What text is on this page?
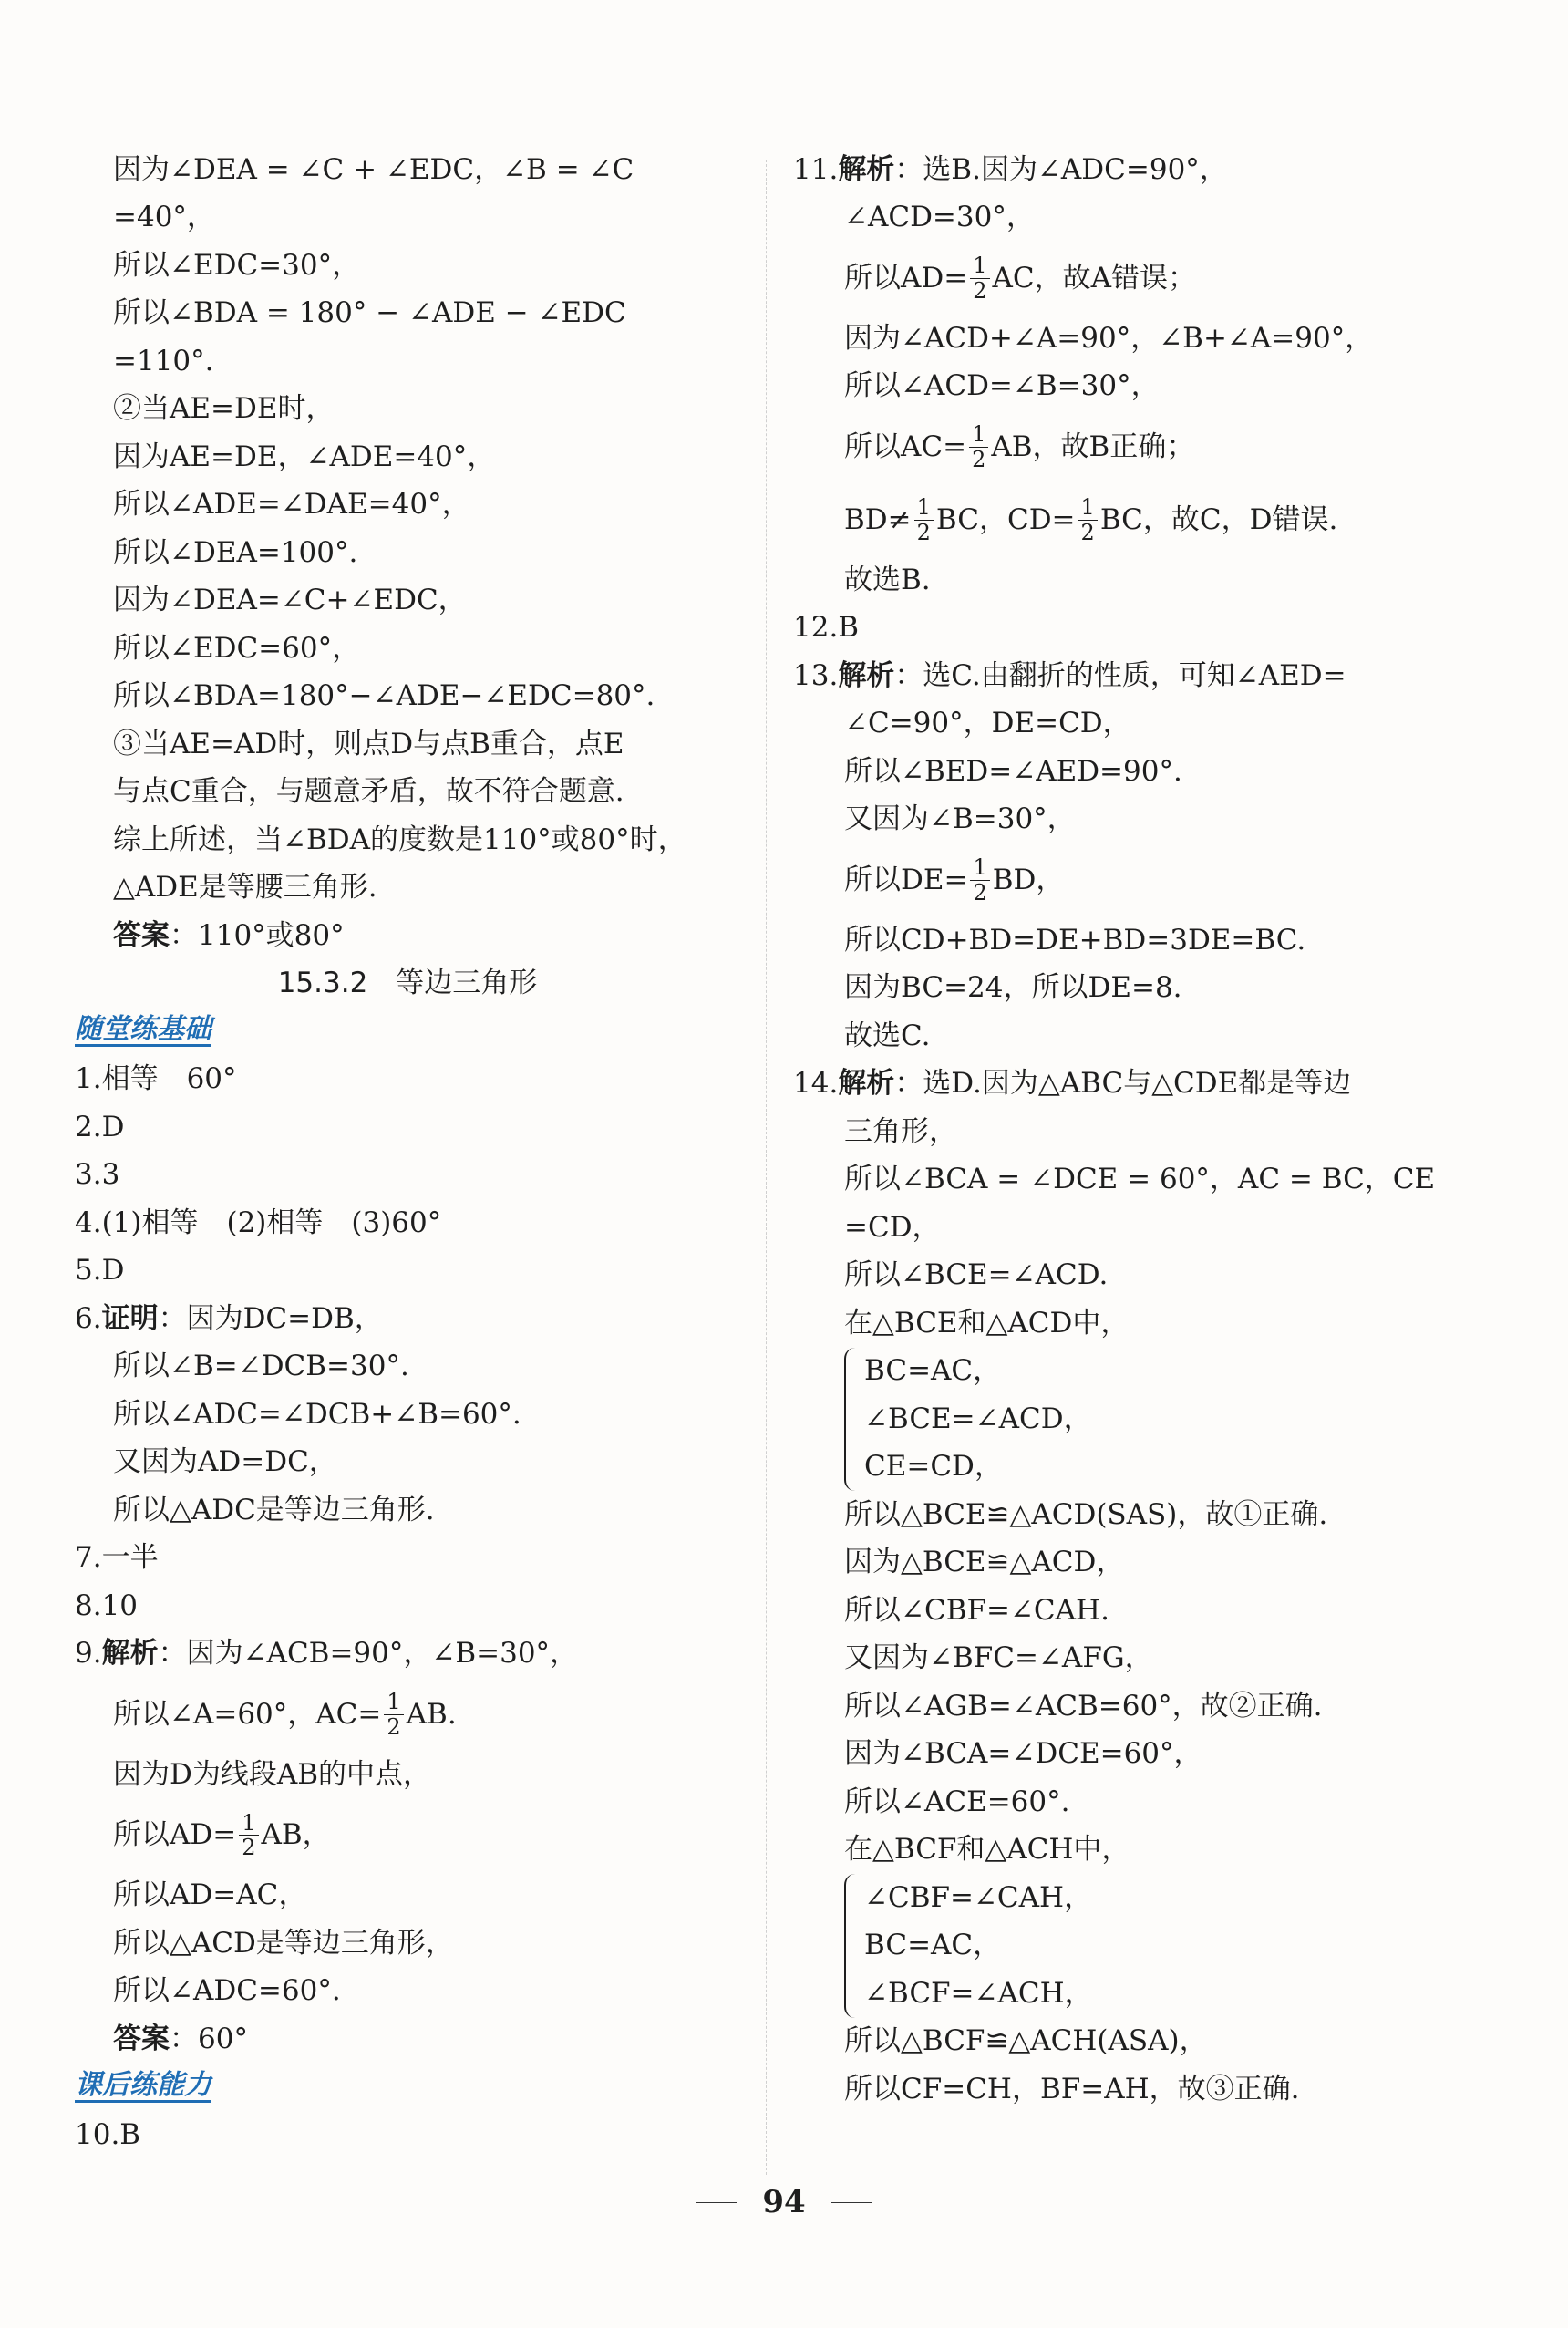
因为∠DEA = ∠C + ∠EDC，∠B = ∠C
=40°，
所以∠EDC=30°，
所以∠BDA = 180° − ∠ADE − ∠EDC
=110°.
②当AE=DE时，
因为AE=DE，∠ADE=40°，
所以∠ADE=∠DAE=40°，
所以∠DEA=100°.
因为∠DEA=∠C+∠EDC，
所以∠EDC=60°，
所以∠BDA=180°−∠ADE−∠EDC=80°.
③当AE=AD时，则点D与点B重合，点E
与点C重合，与题意矛盾，故不符合题意.
综上所述，当∠BDA的度数是110°或80°时，
△ADE是等腰三角形.
答案 ：110°或80°
15.3.2　等边三角形
随堂练基础
1.相等　60°
2.D
3.3
4.(1)相等　(2)相等　(3)60°
5.D
6. 证明 ：因为DC=DB，
所以∠B=∠DCB=30°.
所以∠ADC=∠DCB+∠B=60°.
又因为AD=DC，
所以△ADC是等边三角形.
7.一半
8.10
9. 解析 ：因为∠ACB=90°，∠B=30°，
所以∠A=60°，$AC= \frac{1}{2}$ AB.
因为D为线段AB的中点，
所以$AD= \frac{1}{2}$ AB，
所以AD=AC，
所以△ACD是等边三角形，
所以∠ADC=60°.
答案 ：60°
课后练能力
10.B
11. 解析 ：选B.因为∠ADC=90°，
∠ACD=30°，
所以$AD= \frac{1}{2}$ AC，故A错误；
因为∠ACD+∠A=90°，∠B+∠A=90°，
所以∠ACD=∠B=30°，
所以$AC= \frac{1}{2}$ AB，故B正确；
BD≠ 1
2 BC，$CD= \frac{1}{2}$ BC，故C，D错误.
故选B.
12.B
13. 解析 ：选C.由翻折的性质，可知∠AED=
∠C=90°，DE=CD，
所以∠BED=∠AED=90°.
又因为∠B=30°，
所以$DE= \frac{1}{2}$ BD，
所以CD+BD=DE+BD=3DE=BC.
因为BC=24，所以DE=8.
故选C.
14. 解析 ：选D.因为△ABC与△CDE都是等边
三角形，
所以∠BCA = ∠DCE = 60°，AC = BC，CE
=CD，
所以∠BCE=∠ACD.
在△BCE和△ACD中，
BC=AC，
∠BCE=∠ACD，
CE=CD，
所以△BCE≌△ACD(SAS)，故①正确.
因为△BCE≌△ACD，
所以∠CBF=∠CAH.
又因为∠BFC=∠AFG，
所以∠AGB=∠ACB=60°，故②正确.
因为∠BCA=∠DCE=60°，
所以∠ACE=60°.
在△BCF和△ACH中，
∠CBF=∠CAH，
BC=AC，
∠BCF=∠ACH，
所以△BCF≌△ACH(ASA)，
所以CF=CH，BF=AH，故③正确.
94
